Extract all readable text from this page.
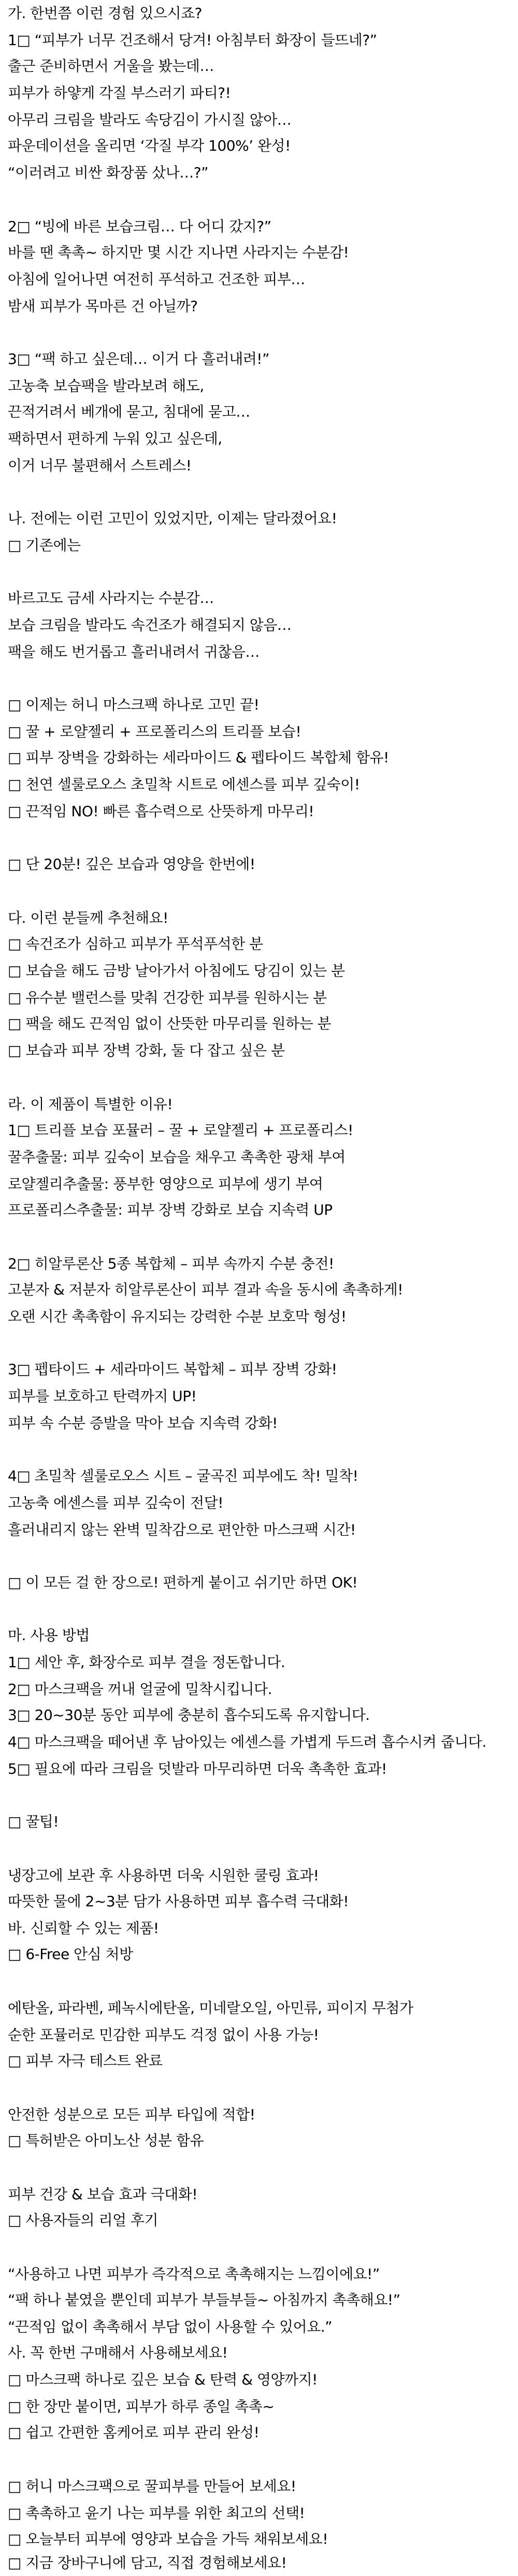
가. 한번쯤 이런 경험 있으시죠?

1□ “피부가 너무 건조해서 당겨! 아침부터 화장이 들뜨네?”

출근 준비하면서 거울을 봤는데…

피부가 하얗게 각질 부스러기 파티?!

아무리 크림을 발라도 속당김이 가시질 않아…

파운데이션을 올리면 ‘각질 부각 100%’ 완성!

“이러려고 비싼 화장품 샀나…?”

2□ “빙에 바른 보습크림… 다 어디 갔지?”

바를 땐 촉촉~ 하지만 몇 시간 지나면 사라지는 수분감!

아침에 일어나면 여전히 푸석하고 건조한 피부…

밤새 피부가 목마른 건 아닐까?

3□ “팩 하고 싶은데… 이거 다 흘러내려!”

고농축 보습팩을 발라보려 해도,

끈적거려서 베개에 묻고, 침대에 묻고…

팩하면서 편하게 누워 있고 싶은데,

이거 너무 불편해서 스트레스!

나. 전에는 이런 고민이 있었지만, 이제는 달라졌어요!

□ 기존에는

바르고도 금세 사라지는 수분감…

보습 크림을 발라도 속건조가 해결되지 않음…

팩을 해도 번거롭고 흘러내려서 귀찮음…

□ 이제는 허니 마스크팩 하나로 고민 끝!

□ 꿀 + 로얄젤리 + 프로폴리스의 트리플 보습!

□ 피부 장벽을 강화하는 세라마이드 & 펩타이드 복합체 함유!

□ 천연 셀룰로오스 초밀착 시트로 에센스를 피부 깊숙이!

□ 끈적임 NO! 빠른 흡수력으로 산뜻하게 마무리!

□ 단 20분! 깊은 보습과 영양을 한번에!

다. 이런 분들께 추천해요!

□ 속건조가 심하고 피부가 푸석푸석한 분

□ 보습을 해도 금방 날아가서 아침에도 당김이 있는 분

□ 유수분 밸런스를 맞춰 건강한 피부를 원하시는 분

□ 팩을 해도 끈적임 없이 산뜻한 마무리를 원하는 분

□ 보습과 피부 장벽 강화, 둘 다 잡고 싶은 분

라. 이 제품이 특별한 이유!

1□ 트리플 보습 포뮬러 – 꿀 + 로얄젤리 + 프로폴리스!

꿀추출물: 피부 깊숙이 보습을 채우고 촉촉한 광채 부여

로얄젤리추출물: 풍부한 영양으로 피부에 생기 부여

프로폴리스추출물: 피부 장벽 강화로 보습 지속력 UP

2□ 히알루론산 5종 복합체 – 피부 속까지 수분 충전!

고분자 & 저분자 히알루론산이 피부 결과 속을 동시에 촉촉하게!

오랜 시간 촉촉함이 유지되는 강력한 수분 보호막 형성!

3□ 펩타이드 + 세라마이드 복합체 – 피부 장벽 강화!

피부를 보호하고 탄력까지 UP!

피부 속 수분 증발을 막아 보습 지속력 강화!

4□ 초밀착 셀룰로오스 시트 – 굴곡진 피부에도 착! 밀착!

고농축 에센스를 피부 깊숙이 전달!

흘러내리지 않는 완벽 밀착감으로 편안한 마스크팩 시간!

□ 이 모든 걸 한 장으로! 편하게 붙이고 쉬기만 하면 OK!

마. 사용 방법

1□ 세안 후, 화장수로 피부 결을 정돈합니다.

2□ 마스크팩을 꺼내 얼굴에 밀착시킵니다.

3□ 20~30분 동안 피부에 충분히 흡수되도록 유지합니다.

4□ 마스크팩을 떼어낸 후 남아있는 에센스를 가볍게 두드려 흡수시켜 줍니다.

5□ 필요에 따라 크림을 덧발라 마무리하면 더욱 촉촉한 효과!

□ 꿀팁!

냉장고에 보관 후 사용하면 더욱 시원한 쿨링 효과!

따뜻한 물에 2~3분 담가 사용하면 피부 흡수력 극대화!

바. 신뢰할 수 있는 제품!

□ 6-Free 안심 처방

에탄올, 파라벤, 페녹시에탄올, 미네랄오일, 아민류, 피이지 무첨가

순한 포뮬러로 민감한 피부도 걱정 없이 사용 가능!

□ 피부 자극 테스트 완료

안전한 성분으로 모든 피부 타입에 적합!

□ 특허받은 아미노산 성분 함유

피부 건강 & 보습 효과 극대화!

□ 사용자들의 리얼 후기

“사용하고 나면 피부가 즉각적으로 촉촉해지는 느낌이에요!”

“팩 하나 붙였을 뿐인데 피부가 부들부들~ 아침까지 촉촉해요!”

“끈적임 없이 촉촉해서 부담 없이 사용할 수 있어요.”

사. 꼭 한번 구매해서 사용해보세요!

□ 마스크팩 하나로 깊은 보습 & 탄력 & 영양까지!

□ 한 장만 붙이면, 피부가 하루 종일 촉촉~

□ 쉽고 간편한 홈케어로 피부 관리 완성!

□ 허니 마스크팩으로 꿀피부를 만들어 보세요!

□ 촉촉하고 윤기 나는 피부를 위한 최고의 선택!

□ 오늘부터 피부에 영양과 보습을 가득 채워보세요!

□ 지금 장바구니에 담고, 직접 경험해보세요!
